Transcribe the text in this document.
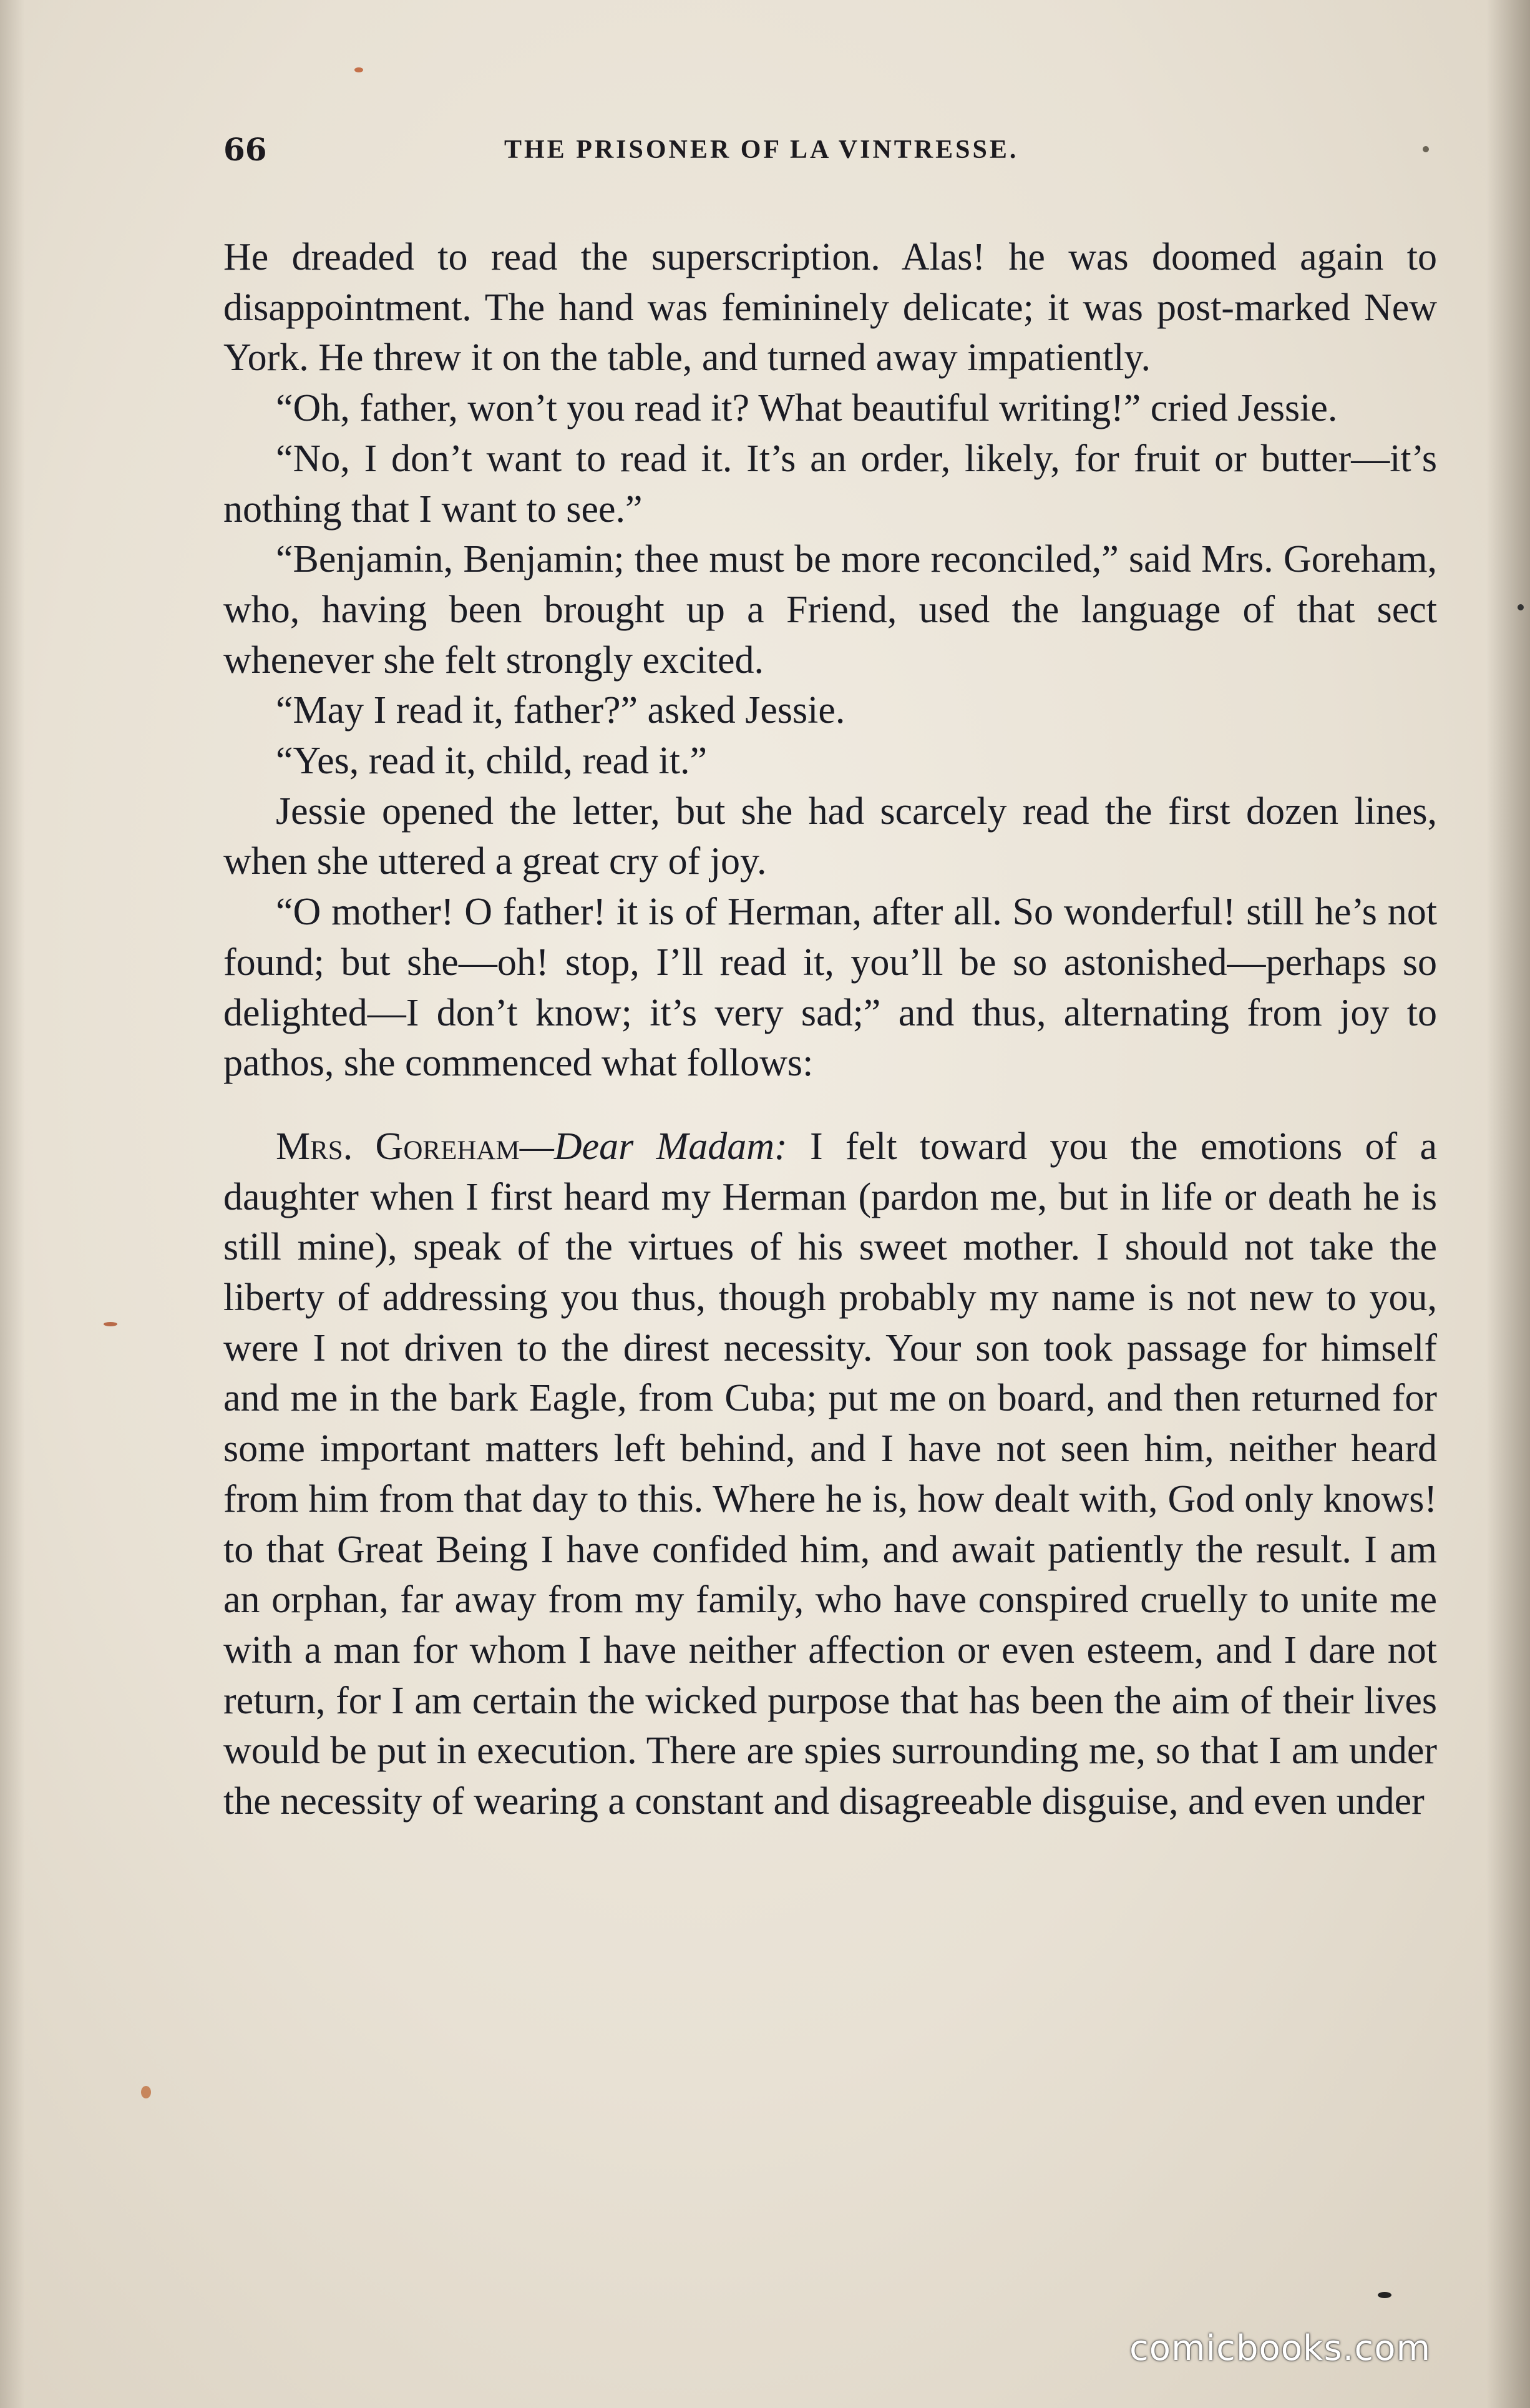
66	THE PRISONER OF LA VINTRESSE.

He dreaded to read the superscription. Alas! he was doomed again to disappointment. The hand was femininely delicate; it was post-marked New York. He threw it on the table, and turned away impatiently.

“Oh, father, won’t you read it? What beautiful writing!” cried Jessie.

“No, I don’t want to read it. It’s an order, likely, for fruit or butter—it’s nothing that I want to see.”

“Benjamin, Benjamin; thee must be more reconciled,” said Mrs. Goreham, who, having been brought up a Friend, used the language of that sect whenever she felt strongly excited.

“May I read it, father?” asked Jessie.

“Yes, read it, child, read it.”

Jessie opened the letter, but she had scarcely read the first dozen lines, when she uttered a great cry of joy.

“O mother! O father! it is of Herman, after all. So wonderful! still he’s not found; but she—oh! stop, I’ll read it, you’ll be so astonished—perhaps so delighted—I don’t know; it’s very sad;” and thus, alternating from joy to pathos, she commenced what follows:

Mrs. Goreham—Dear Madam: I felt toward you the emotions of a daughter when I first heard my Herman (pardon me, but in life or death he is still mine), speak of the virtues of his sweet mother. I should not take the liberty of addressing you thus, though probably my name is not new to you, were I not driven to the direst necessity. Your son took passage for himself and me in the bark Eagle, from Cuba; put me on board, and then returned for some important matters left behind, and I have not seen him, neither heard from him from that day to this. Where he is, how dealt with, God only knows! to that Great Being I have confided him, and await patiently the result. I am an orphan, far away from my family, who have conspired cruelly to unite me with a man for whom I have neither affection or even esteem, and I dare not return, for I am certain the wicked purpose that has been the aim of their lives would be put in execution. There are spies surrounding me, so that I am under the necessity of wearing a constant and disagreeable disguise, and even under

comicbooks.com
